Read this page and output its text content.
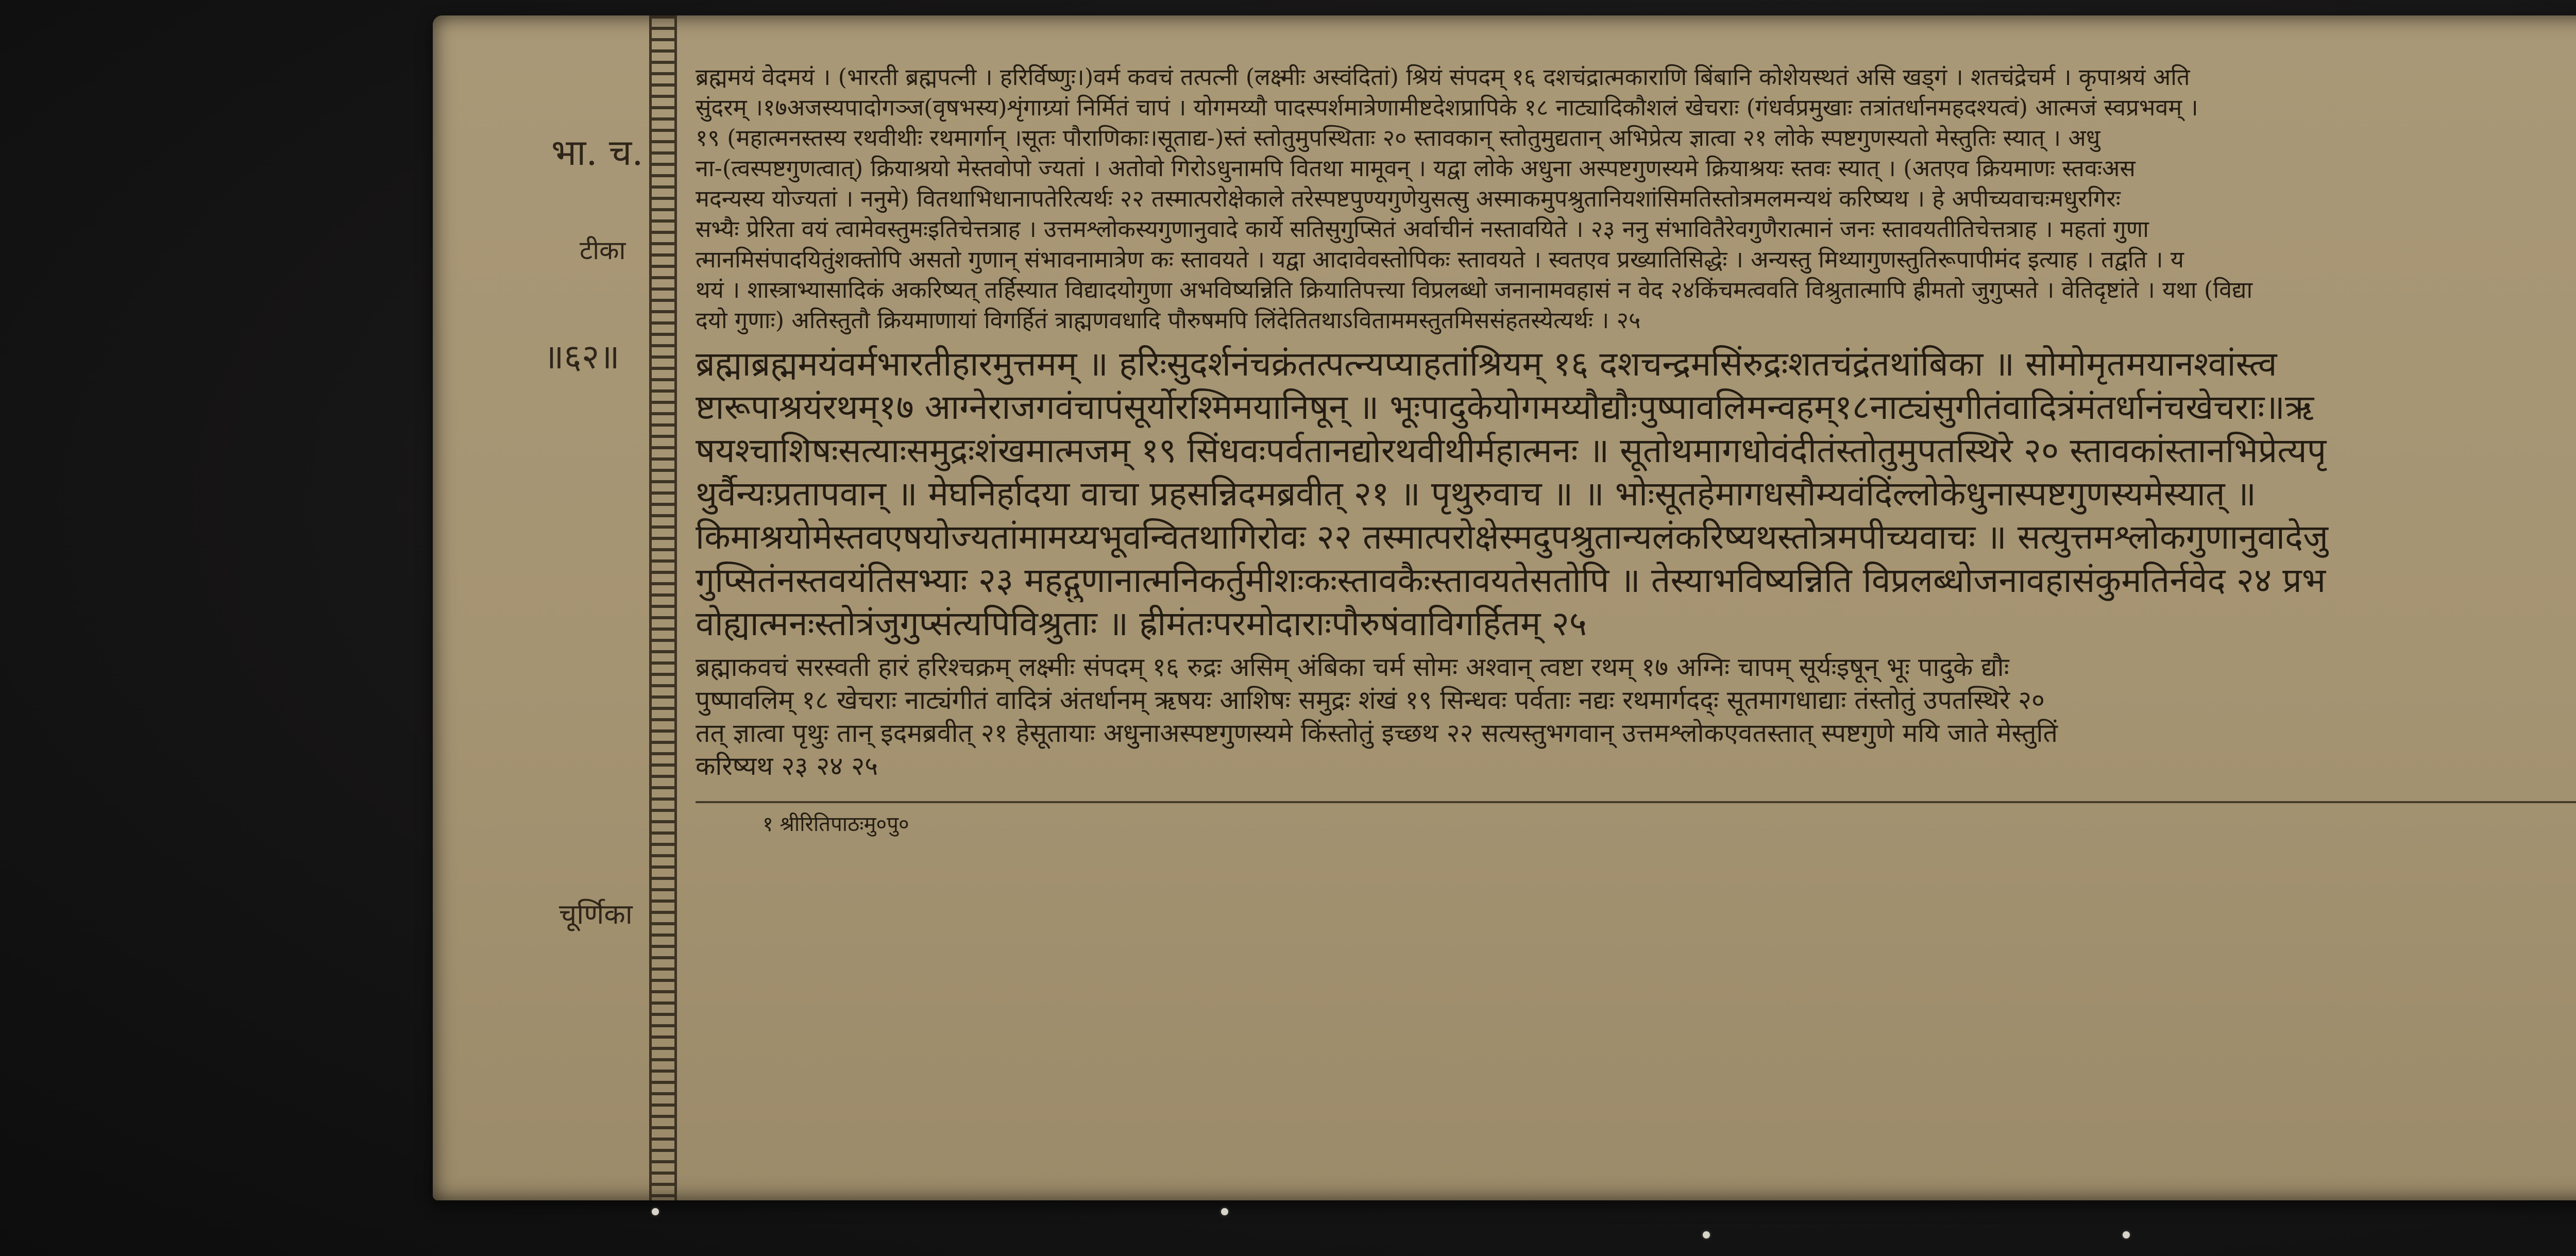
भा. च.
टीका
॥६२॥
चूर्णिका
ब्रह्ममयं वेदमयं । (भारती ब्रह्मपत्नी । हरिर्विष्णुः।)वर्म कवचं तत्पत्नी (लक्ष्मीः अस्वंदितां) श्रियं संपदम् १६ दशचंद्रात्मकाराणि बिंबानि कोशेयस्थतं असि खड्गं । शतचंद्रेचर्म । कृपाश्रयं अति
सुंदरम् ।१७अजस्यपादोगञ्ज(वृषभस्य)शृंगाग्र्यां निर्मितं चापं । योगमय्यौ पादस्पर्शमात्रेणामीष्टदेशप्रापिके १८ नाट्यादिकौशलं खेचराः (गंधर्वप्रमुखाः तत्रांतर्धानमहदश्यत्वं) आत्मजं स्वप्रभवम् ।
१९ (महात्मनस्तस्य रथवीथीः रथमार्गान् ।सूतः पौराणिकाः।सूताद्य-)स्तं स्तोतुमुपस्थिताः २० स्तावकान् स्तोतुमुद्यतान् अभिप्रेत्य ज्ञात्वा २१ लोके स्पष्टगुणस्यतो मेस्तुतिः स्यात् । अधु
ना-(त्वस्पष्टगुणत्वात्) क्रियाश्रयो मेस्तवोपो ज्यतां । अतोवो गिरोऽधुनामपि वितथा मामूवन् । यद्वा लोके अधुना अस्पष्टगुणस्यमे क्रियाश्रयः स्तवः स्यात् । (अतएव क्रियमाणः स्तवःअस
मदन्यस्य योज्यतां । ननुमे) वितथाभिधानापतेरित्यर्थः २२ तस्मात्परोक्षेकाले तरेस्पष्टपुण्यगुणेयुसत्सु अस्माकमुपश्रुतानियशांसिमतिस्तोत्रमलमन्यथं करिष्यथ । हे अपीच्यवाचःमधुरगिरः
सभ्यैः प्रेरिता वयं त्वामेवस्तुमःइतिचेत्तत्राह । उत्तमश्लोकस्यगुणानुवादे कार्ये सतिसुगुप्सितं अर्वाचीनं नस्तावयिते । २३ ननु संभावितैरेवगुणैरात्मानं जनः स्तावयतीतिचेत्तत्राह । महतां गुणा
त्मानमिसंपादयितुंशक्तोपि असतो गुणान् संभावनामात्रेण कः स्तावयते । यद्वा आदावेवस्तोपिकः स्तावयते । स्वतएव प्रख्यातिसिद्धेः । अन्यस्तु मिथ्यागुणस्तुतिरूपापीमंद इत्याह । तद्वति । य
थयं । शास्त्राभ्यासादिकं अकरिष्यत् तर्हिस्यात विद्यादयोगुणा अभविष्यन्निति क्रियातिपत्त्या विप्रलब्धो जनानामवहासं न वेद २४किंचमत्ववति विश्रुतात्मापि ह्रीमतो जुगुप्सते । वेतिदृष्टांते । यथा (विद्या
दयो गुणाः) अतिस्तुतौ क्रियमाणायां विगर्हितं त्राह्मणवधादि पौरुषमपि लिंदेतितथाऽविताममस्तुतमिससंहतस्येत्यर्थः । २५
ब्रह्माब्रह्ममयंवर्मभारतीहारमुत्तमम् ॥ हरिःसुदर्शनंचक्रंतत्पत्न्यप्याहतांश्रियम् १६ दशचन्द्रमसिंरुद्रःशतचंद्रंतथांबिका ॥ सोमोमृतमयानश्वांस्त्व
ष्टारूपाश्रयंरथम्१७ आग्नेराजगवंचापंसूर्योरश्मिमयानिषून् ॥ भूःपादुकेयोगमय्यौद्यौःपुष्पावलिमन्वहम्१८नाट्यंसुगीतंवादित्रंमंतर्धानंचखेचराः॥ऋ
षयश्चाशिषःसत्याःसमुद्रःशंखमात्मजम् १९ सिंधवःपर्वतानद्योरथवीथीर्महात्मनः ॥ सूतोथमागधोवंदीतंस्तोतुमुपतस्थिरे २० स्तावकांस्तानभिप्रेत्यपृ
थुर्वैन्यःप्रतापवान् ॥ मेघनिर्हादया वाचा प्रहसन्निदमब्रवीत् २१ ॥ पृथुरुवाच ॥ ॥ भोःसूतहेमागधसौम्यवंदिंल्लोकेधुनास्पष्टगुणस्यमेस्यात् ॥
किमाश्रयोमेस्तवएषयोज्यतांमामय्यभूवन्वितथागिरोवः २२ तस्मात्परोक्षेस्मदुपश्रुतान्यलंकरिष्यथस्तोत्रमपीच्यवाचः ॥ सत्युत्तमश्लोकगुणानुवादेजु
गुप्सितंनस्तवयंतिसभ्याः २३ महद्गुणानात्मनिकर्तुमीशःकःस्तावकैःस्तावयतेसतोपि ॥ तेस्याभविष्यन्निति विप्रलब्धोजनावहासंकुमतिर्नवेद २४ प्रभ
वोह्यात्मनःस्तोत्रंजुगुप्संत्यपिविश्रुताः ॥ ह्रीमंतःपरमोदाराःपौरुषंवाविगर्हितम् २५
ब्रह्माकवचं सरस्वती हारं हरिश्चक्रम् लक्ष्मीः संपदम् १६ रुद्रः असिम् अंबिका चर्म सोमः अश्वान् त्वष्टा रथम् १७ अग्निः चापम् सूर्यःइषून् भूः पादुके द्यौः
पुष्पावलिम् १८ खेचराः नाट्यंगीतं वादित्रं अंतर्धानम् ऋषयः आशिषः समुद्रः शंखं १९ सिन्धवः पर्वताः नद्यः रथमार्गदद्ः सूतमागधाद्याः तंस्तोतुं उपतस्थिरे २०
तत् ज्ञात्वा पृथुः तान् इदमब्रवीत् २१ हेसूतायाः अधुनाअस्पष्टगुणस्यमे किंस्तोतुं इच्छथ २२ सत्यस्तुभगवान् उत्तमश्लोकएवतस्तात् स्पष्टगुणे मयि जाते मेस्तुतिं
करिष्यथ २३ २४ २५
१ श्रीरितिपाठःमु०पु०
